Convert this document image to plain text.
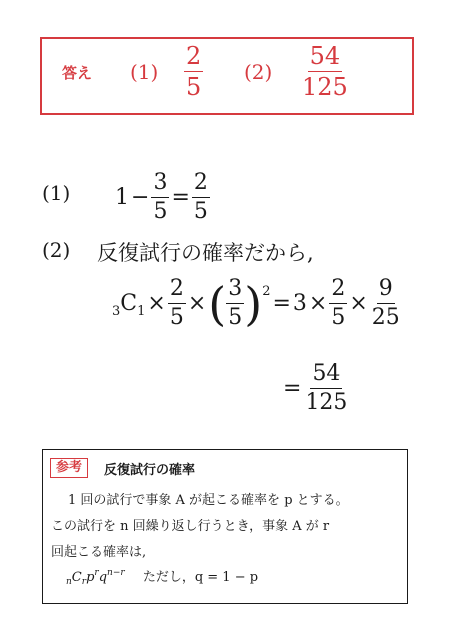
答え $(1) \frac{2}{5} (2) \frac{54}{125}$
(1) $1 - \frac{3}{5} = \frac{2}{5}$
(2) 反復試行の確率だから,
3 C $1 \times \frac{2}{5}$ × ( $\frac{3}{5}$ ) $2 = 3 \times \frac{2}{5} \times \frac{9}{25}$
= $\frac{54}{125}$
参考	反復試行の確率
1 回の試行で事象 A が起こる確率を p とする。
この試行を n 回繰り返し行うとき，事象 A が r
回起こる確率は,
$_nC_rp^rq^{n-r}$ ただし，q = 1 − p
